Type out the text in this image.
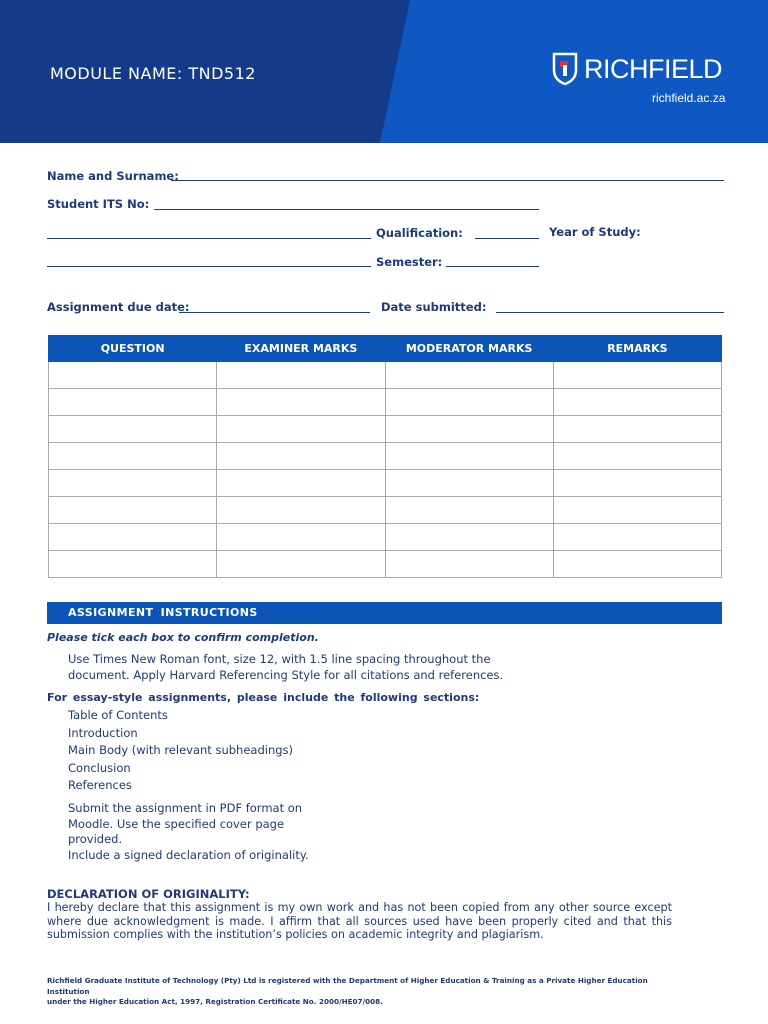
MODULE NAME: TND512	RICHFIELD
richfield.ac.za
Name and Surname:
Student ITS No:
Qualification:	Year of Study:
Semester:
Assignment due date:	Date submitted:
QUESTION	EXAMINER MARKS	MODERATOR MARKS	REMARKS

ASSIGNMENT INSTRUCTIONS
Please tick each box to confirm completion.
Use Times New Roman font, size 12, with 1.5 line spacing throughout the
document. Apply Harvard Referencing Style for all citations and references.
For essay-style assignments, please include the following sections:
Table of Contents
Introduction
Main Body (with relevant subheadings)
Conclusion
References
Submit the assignment in PDF format on
Moodle. Use the specified cover page
provided.
Include a signed declaration of originality.
DECLARATION OF ORIGINALITY:
I hereby declare that this assignment is my own work and has not been copied from any other source except where due acknowledgment is made. I affirm that all sources used have been properly cited and that this submission complies with the institution’s policies on academic integrity and plagiarism.
Richfield Graduate Institute of Technology (Pty) Ltd is registered with the Department of Higher Education & Training as a Private Higher Education Institution
under the Higher Education Act, 1997, Registration Certificate No. 2000/HE07/008.
